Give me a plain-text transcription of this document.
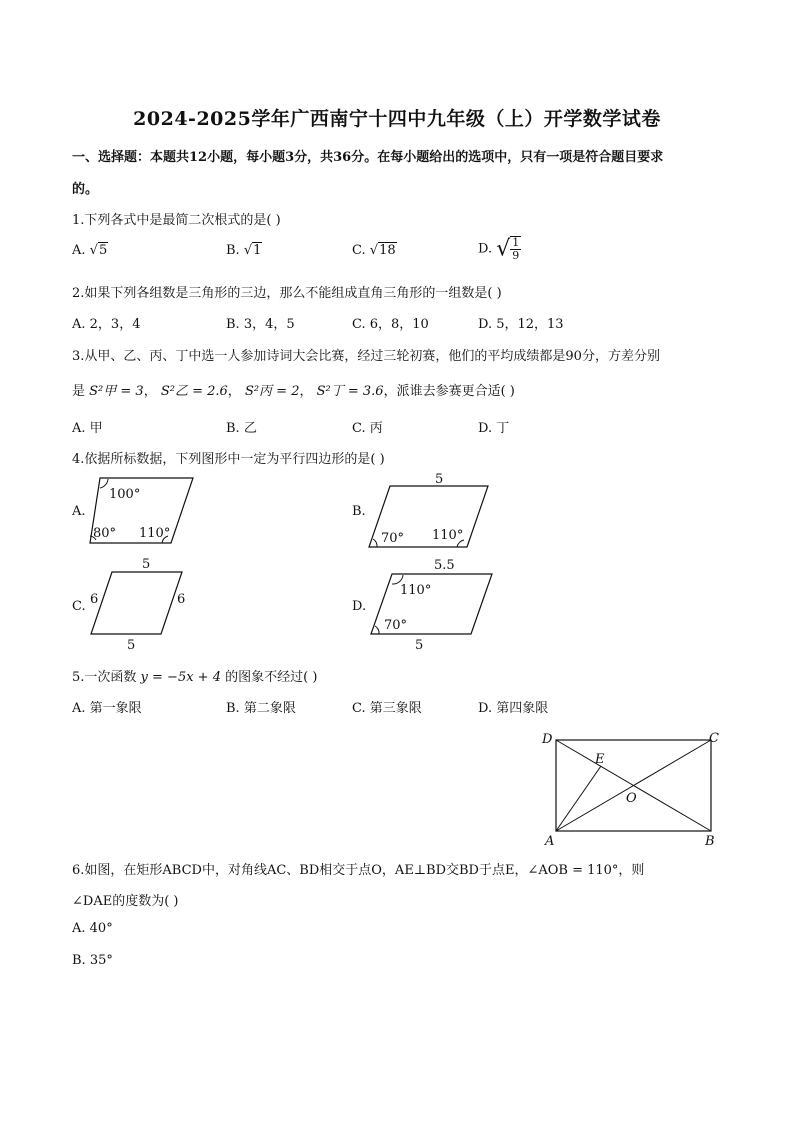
2024-2025学年广西南宁十四中九年级（上）开学数学试卷
一、选择题：本题共12小题，每小题3分，共36分。在每小题给出的选项中，只有一项是符合题目要求
的。
1.下列各式中是最简二次根式的是( )
A. √5	B. √1	C. √18	D. √ $\frac{1}{9}$
2.如果下列各组数是三角形的三边，那么不能组成直角三角形的一组数是( )
A. 2，3，4	B. 3，4，5	C. 6，8，10	D. 5，12，13
3.从甲、乙、丙、丁中选一人参加诗词大会比赛，经过三轮初赛，他们的平均成绩都是90分，方差分别
是 S²甲 = 3， S²乙 = 2.6， S²丙 = 2， S²丁 = 3.6，派谁去参赛更合适( )
A. 甲	B. 乙	C. 丙	D. 丁
4.依据所标数据，下列图形中一定为平行四边形的是( )
A.
100°
80° 110°
B.
5
70° 110°
C.
5
6	6
5
D.
5.5
110°
70°
5
5.一次函数 y = −5x + 4 的图象不经过( )
A. 第一象限	B. 第二象限	C. 第三象限	D. 第四象限
D	C
A	B
E
O
6.如图，在矩形ABCD中，对角线AC、BD相交于点O，AE⊥BD交BD于点E，∠AOB = 110°，则
∠DAE的度数为( )
A. 40°
B. 35°
